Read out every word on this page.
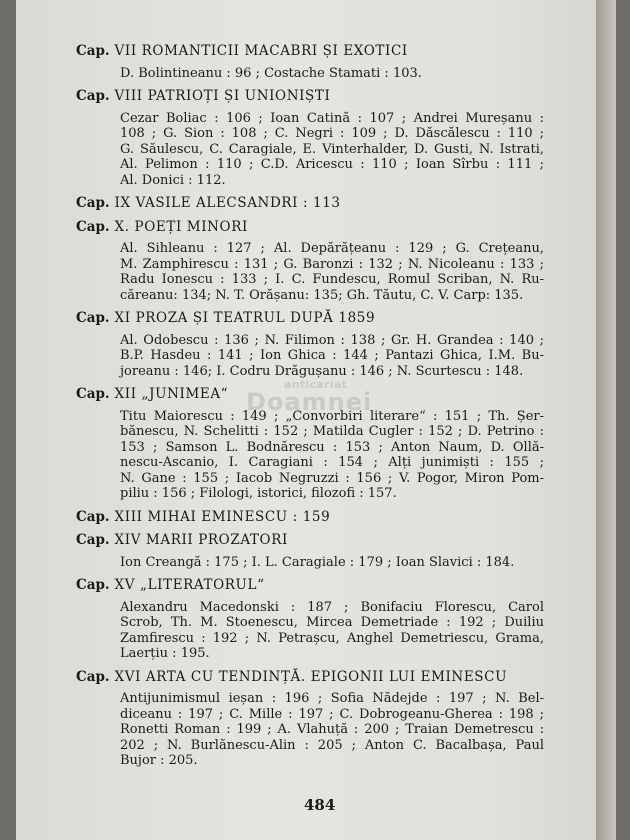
anticariat
Doamnei
Cap. VII ROMANTICII MACABRI ȘI EXOTICI
D. Bolintineanu : 96 ; Costache Stamati : 103.
Cap. VIII PATRIOȚI ȘI UNIONIȘTI
Cezar Boliac : 106 ; Ioan Catină : 107 ; Andrei Mureșanu :
108 ; G. Sion : 108 ; C. Negri : 109 ; D. Dăscălescu : 110 ;
G. Săulescu, C. Caragiale, E. Vinterhalder, D. Gusti, N. Istrati,
Al. Pelimon : 110 ; C.D. Aricescu : 110 ; Ioan Sîrbu : 111 ;
Al. Donici : 112.
Cap. IX VASILE ALECSANDRI : 113
Cap. X. POEȚI MINORI
Al. Sihleanu : 127 ; Al. Depărățeanu : 129 ; G. Crețeanu,
M. Zamphirescu : 131 ; G. Baronzi : 132 ; N. Nicoleanu : 133 ;
Radu Ionescu : 133 ; I. C. Fundescu, Romul Scriban, N. Ru-
căreanu: 134; N. T. Orășanu: 135; Gh. Tăutu, C. V. Carp: 135.
Cap. XI PROZA ȘI TEATRUL DUPĂ 1859
Al. Odobescu : 136 ; N. Filimon : 138 ; Gr. H. Grandea : 140 ;
B.P. Hasdeu : 141 ; Ion Ghica : 144 ; Pantazi Ghica, I.M. Bu-
joreanu : 146; I. Codru Drăgușanu : 146 ; N. Scurtescu : 148.
Cap. XII „JUNIMEA“
Titu Maiorescu : 149 ; „Convorbiri literare“ : 151 ; Th. Șer-
bănescu, N. Schelitti : 152 ; Matilda Cugler : 152 ; D. Petrino :
153 ; Samson L. Bodnărescu : 153 ; Anton Naum, D. Ollă-
nescu-Ascanio, I. Caragiani : 154 ; Alți junimiști : 155 ;
N. Gane : 155 ; Iacob Negruzzi : 156 ; V. Pogor, Miron Pom-
piliu : 156 ; Filologi, istorici, filozofi : 157.
Cap. XIII MIHAI EMINESCU : 159
Cap. XIV MARII PROZATORI
Ion Creangă : 175 ; I. L. Caragiale : 179 ; Ioan Slavici : 184.
Cap. XV „LITERATORUL“
Alexandru Macedonski : 187 ; Bonifaciu Florescu, Carol
Scrob, Th. M. Stoenescu, Mircea Demetriade : 192 ; Duiliu
Zamfirescu : 192 ; N. Petrașcu, Anghel Demetriescu, Grama,
Laerțiu : 195.
Cap. XVI ARTA CU TENDINȚĂ. EPIGONII LUI EMINESCU
Antijunimismul ieșan : 196 ; Sofia Nădejde : 197 ; N. Bel-
diceanu : 197 ; C. Mille : 197 ; C. Dobrogeanu-Gherea : 198 ;
Ronetti Roman : 199 ; A. Vlahuță : 200 ; Traian Demetrescu :
202 ; N. Burlănescu-Alin : 205 ; Anton C. Bacalbașa, Paul
Bujor : 205.
484
